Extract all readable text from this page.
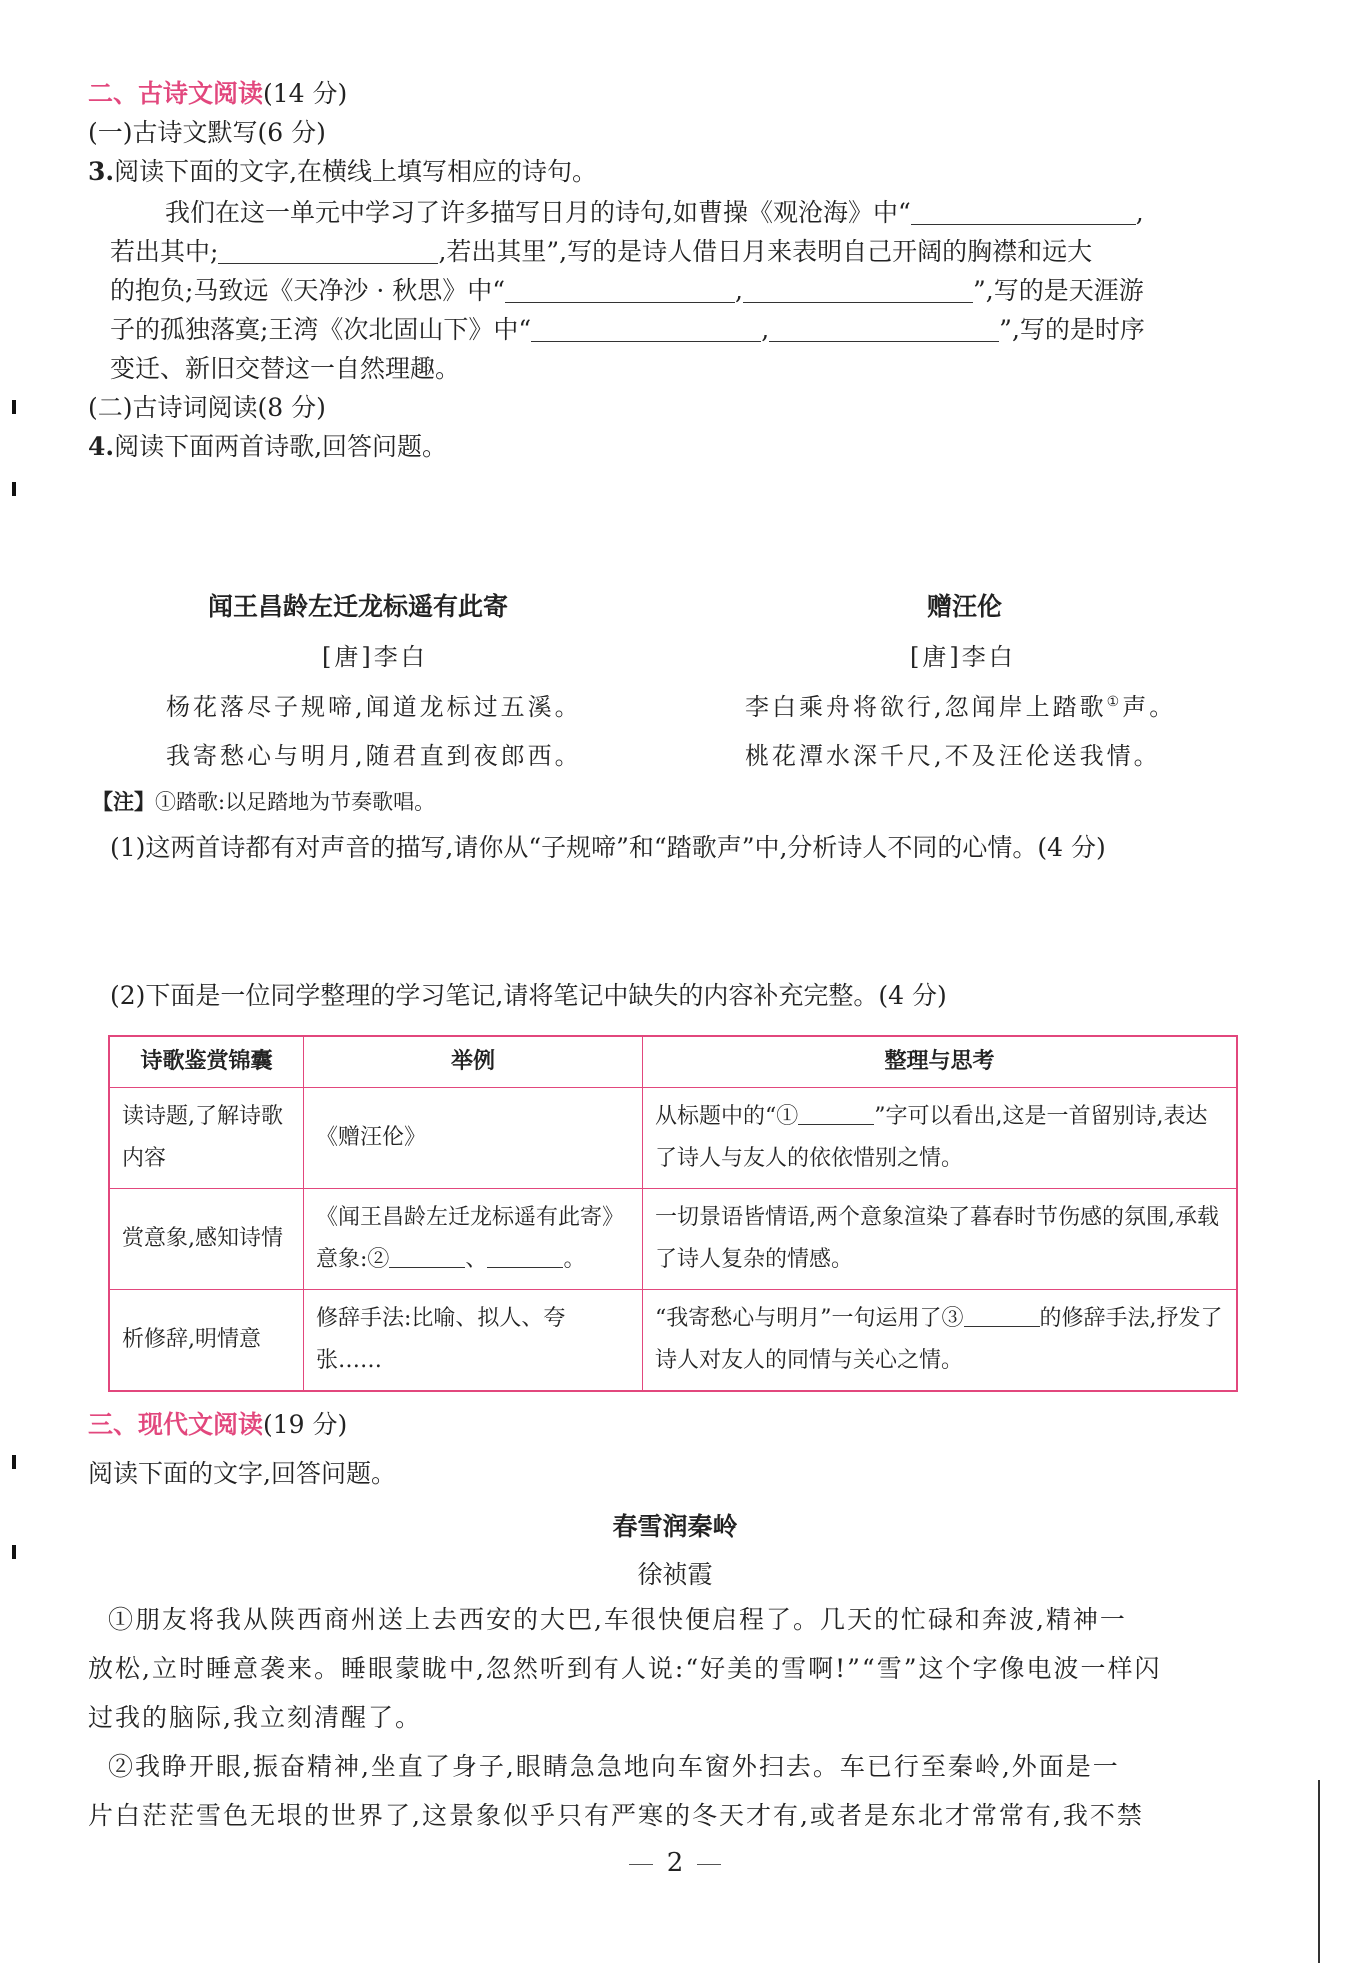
二、古诗文阅读(14 分)
(一)古诗文默写(6 分)
3.阅读下面的文字,在横线上填写相应的诗句。
我们在这一单元中学习了许多描写日月的诗句,如曹操《观沧海》中“	,
若出其中;	,若出其里”,写的是诗人借日月来表明自己开阔的胸襟和远大
的抱负;马致远《天净沙 · 秋思》中“	,	”,写的是天涯游
子的孤独落寞;王湾《次北固山下》中“	,	”,写的是时序
变迁、新旧交替这一自然理趣。
(二)古诗词阅读(8 分)
4.阅读下面两首诗歌,回答问题。
闻王昌龄左迁龙标遥有此寄	赠汪伦
[唐]李白	[唐]李白
杨花落尽子规啼,闻道龙标过五溪。	李白乘舟将欲行,忽闻岸上踏歌①声。
我寄愁心与明月,随君直到夜郎西。	桃花潭水深千尺,不及汪伦送我情。
【注】①踏歌:以足踏地为节奏歌唱。
(1)这两首诗都有对声音的描写,请你从“子规啼”和“踏歌声”中,分析诗人不同的心情。(4 分)
(2)下面是一位同学整理的学习笔记,请将笔记中缺失的内容补充完整。(4 分)
诗歌鉴赏锦囊	举例	整理与思考
读诗题,了解诗歌内容	《赠汪伦》	从标题中的“① ”字可以看出,这是一首留别诗,表达了诗人与友人的依依惜别之情。
赏意象,感知诗情	《闻王昌龄左迁龙标遥有此寄》意象:② 、 。	一切景语皆情语,两个意象渲染了暮春时节伤感的氛围,承载了诗人复杂的情感。
析修辞,明情意	修辞手法:比喻、拟人、夸张……	“我寄愁心与明月”一句运用了③ 的修辞手法,抒发了诗人对友人的同情与关心之情。
三、现代文阅读(19 分)
阅读下面的文字,回答问题。
春雪润秦岭
徐祯霞
①朋友将我从陕西商州送上去西安的大巴,车很快便启程了。几天的忙碌和奔波,精神一
放松,立时睡意袭来。睡眼蒙眬中,忽然听到有人说:“好美的雪啊!”“雪”这个字像电波一样闪
过我的脑际,我立刻清醒了。
②我睁开眼,振奋精神,坐直了身子,眼睛急急地向车窗外扫去。车已行至秦岭,外面是一
片白茫茫雪色无垠的世界了,这景象似乎只有严寒的冬天才有,或者是东北才常常有,我不禁
2
